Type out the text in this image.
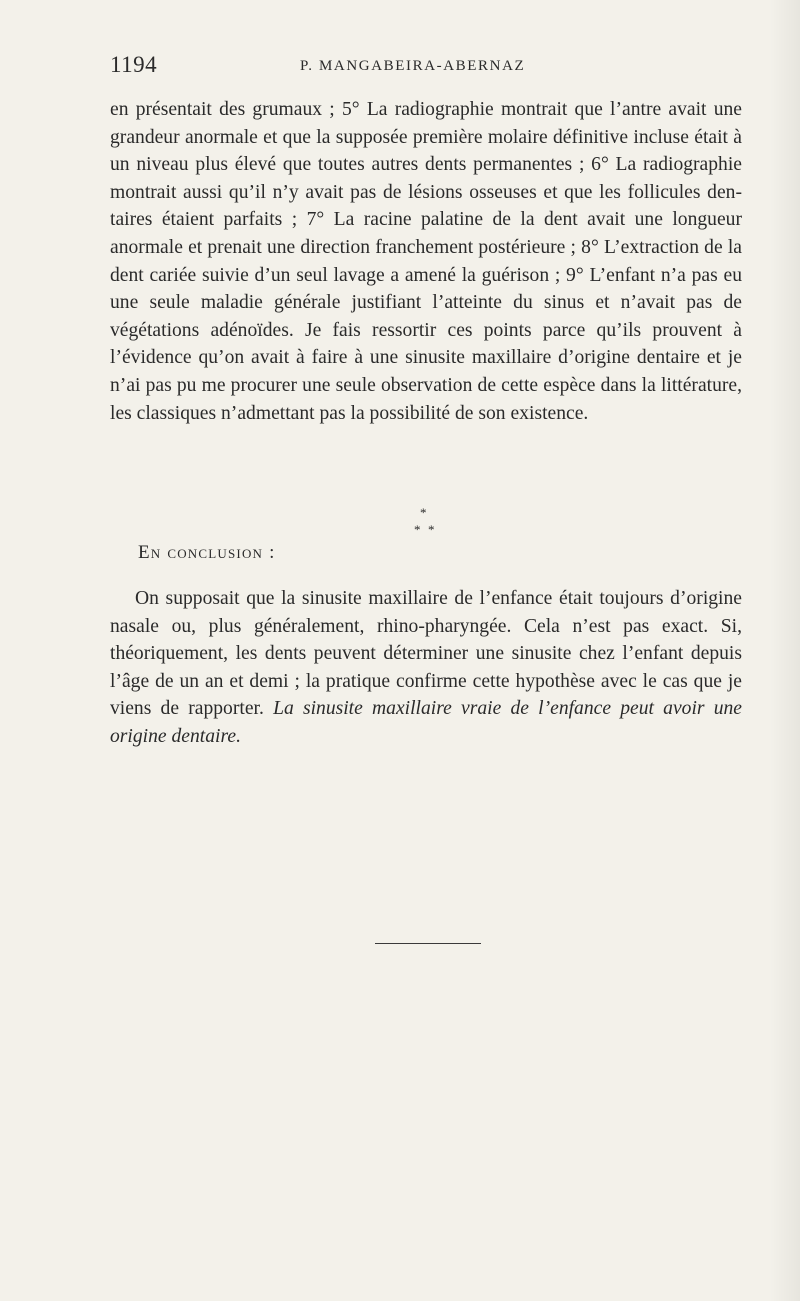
1194	P. MANGABEIRA-ABERNAZ

en présentait des grumaux ; 5° La radiographie montrait que l’antre avait une grandeur anormale et que la supposée première molaire définitive incluse était à un niveau plus élevé que toutes autres dents permanentes ; 6° La radiographie montrait aussi qu’il n’y avait pas de lésions osseuses et que les follicules dentaires étaient parfaits ; 7° La racine palatine de la dent avait une longueur anormale et prenait une direction franchement postérieure ; 8° L’extraction de la dent cariée suivie d’un seul lavage a amené la guérison ; 9° L’enfant n’a pas eu une seule maladie générale justifiant l’atteinte du sinus et n’avait pas de végétations adénoïdes. Je fais ressortir ces points parce qu’ils prouvent à l’évidence qu’on avait à faire à une sinusite maxillaire d’origine dentaire et je n’ai pas pu me procurer une seule observation de cette espèce dans la littérature, les classiques n’admettant pas la possibilité de son existence.

*
* *
En conclusion :

On supposait que la sinusite maxillaire de l’enfance était toujours d’origine nasale ou, plus généralement, rhino-pharyngée. Cela n’est pas exact. Si, théoriquement, les dents peuvent déterminer une sinusite chez l’enfant depuis l’âge de un an et demi ; la pratique confirme cette hypothèse avec le cas que je viens de rapporter. La sinusite maxillaire vraie de l’enfance peut avoir une origine dentaire.
